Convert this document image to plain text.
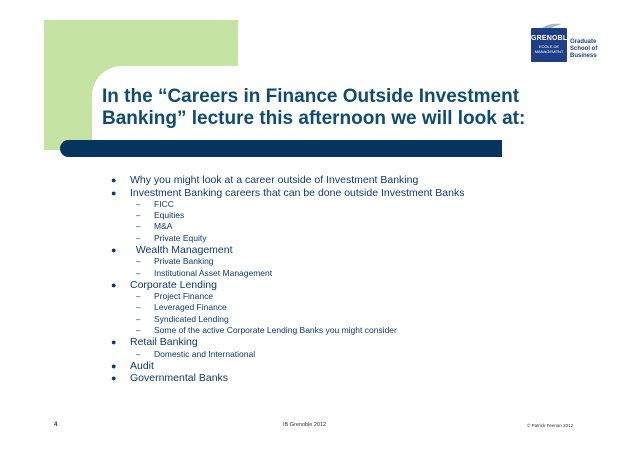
GRENOBLE
ECOLE DE
MANAGEMENT
Graduate
School of
Business
In the “Careers in Finance Outside Investment
Banking” lecture this afternoon we will look at:
● Why you might look at a career outside of Investment Banking
● Investment Banking careers that can be done outside Investment Banks
– FICC
– Equities
– M&A
– Private Equity
● Wealth Management
– Private Banking
– Institutional Asset Management
● Corporate Lending
– Project Finance
– Leveraged Finance
– Syndicated Lending
– Some of the active Corporate Lending Banks you might consider
● Retail Banking
– Domestic and International
● Audit
● Governmental Banks
4	IB Grenoble 2012	© Patrick Feenan 2012
